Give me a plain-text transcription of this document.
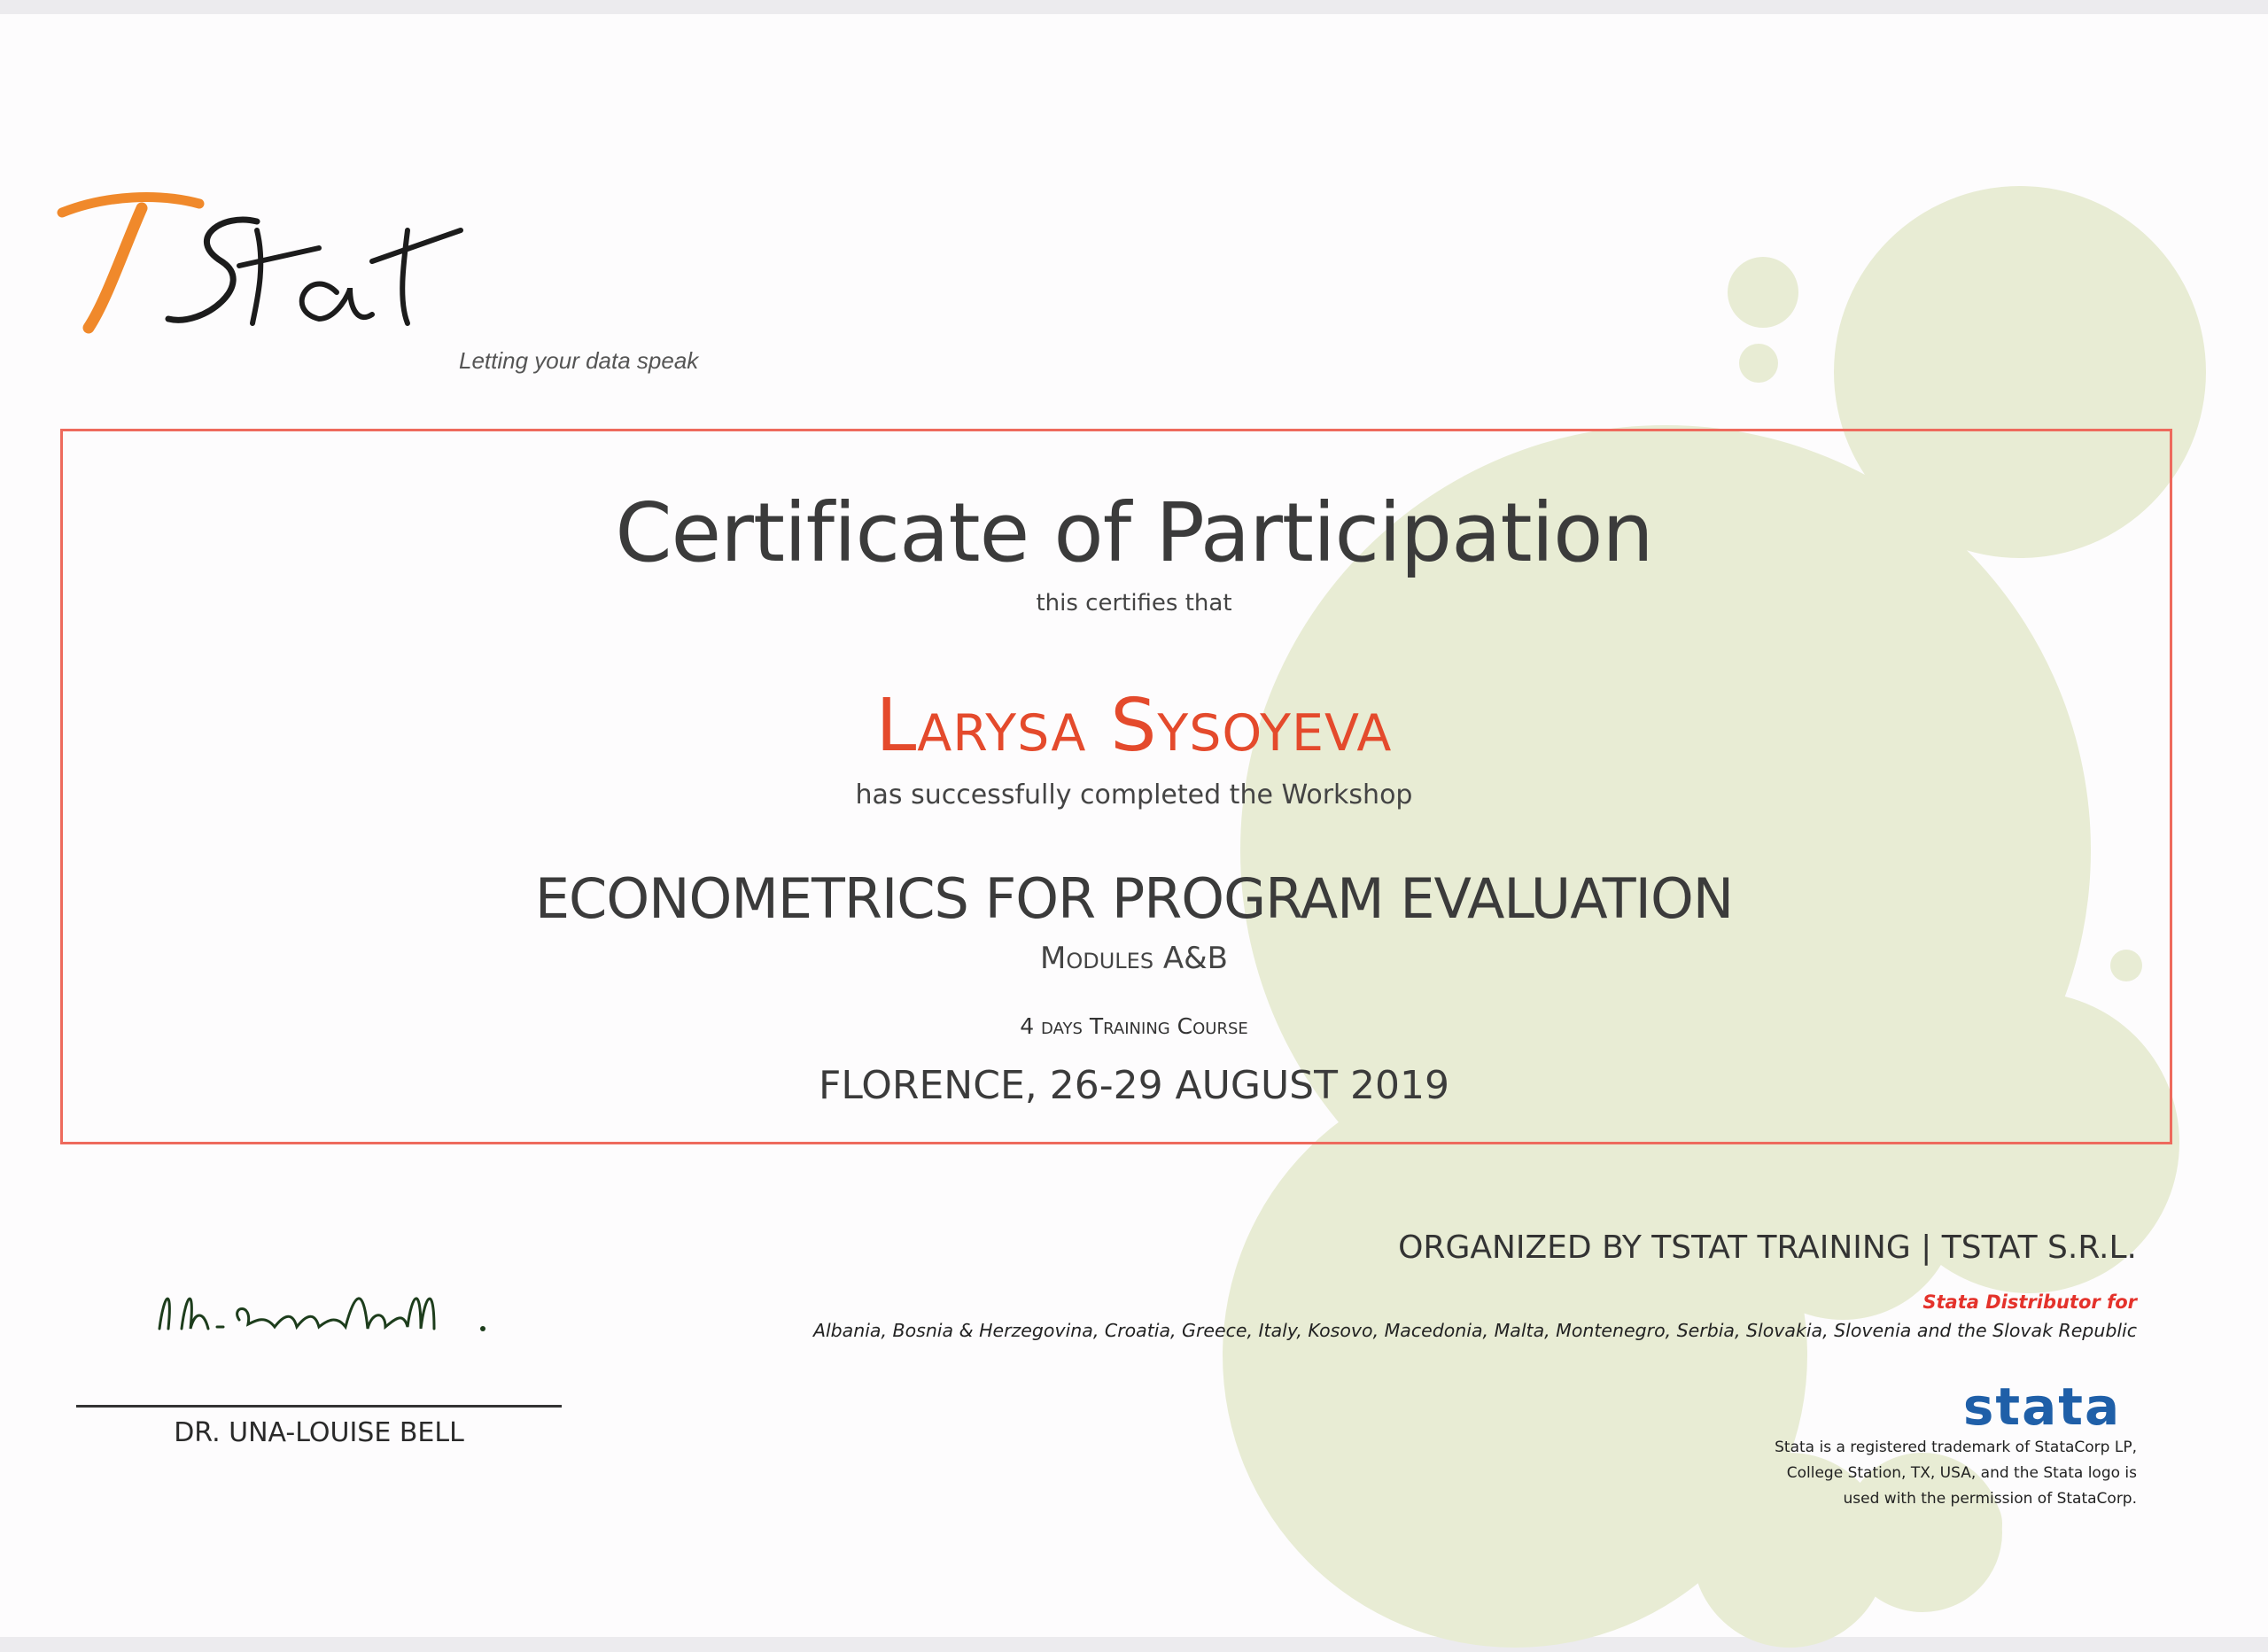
Letting your data speak
Certificate of Participation
this certifies that
Larysa Sysoyeva
has successfully completed the Workshop
ECONOMETRICS FOR PROGRAM EVALUATION
Modules A&B
4 days Training Course
FLORENCE, 26-29 AUGUST 2019
ORGANIZED BY TSTAT TRAINING | TSTAT S.R.L.
Stata Distributor for
Albania, Bosnia & Herzegovina, Croatia, Greece, Italy, Kosovo, Macedonia, Malta, Montenegro, Serbia, Slovakia, Slovenia and the Slovak Republic
stata
Stata is a registered trademark of StataCorp LP,
College Station, TX, USA, and the Stata logo is
used with the permission of StataCorp.
DR. UNA-LOUISE BELL
